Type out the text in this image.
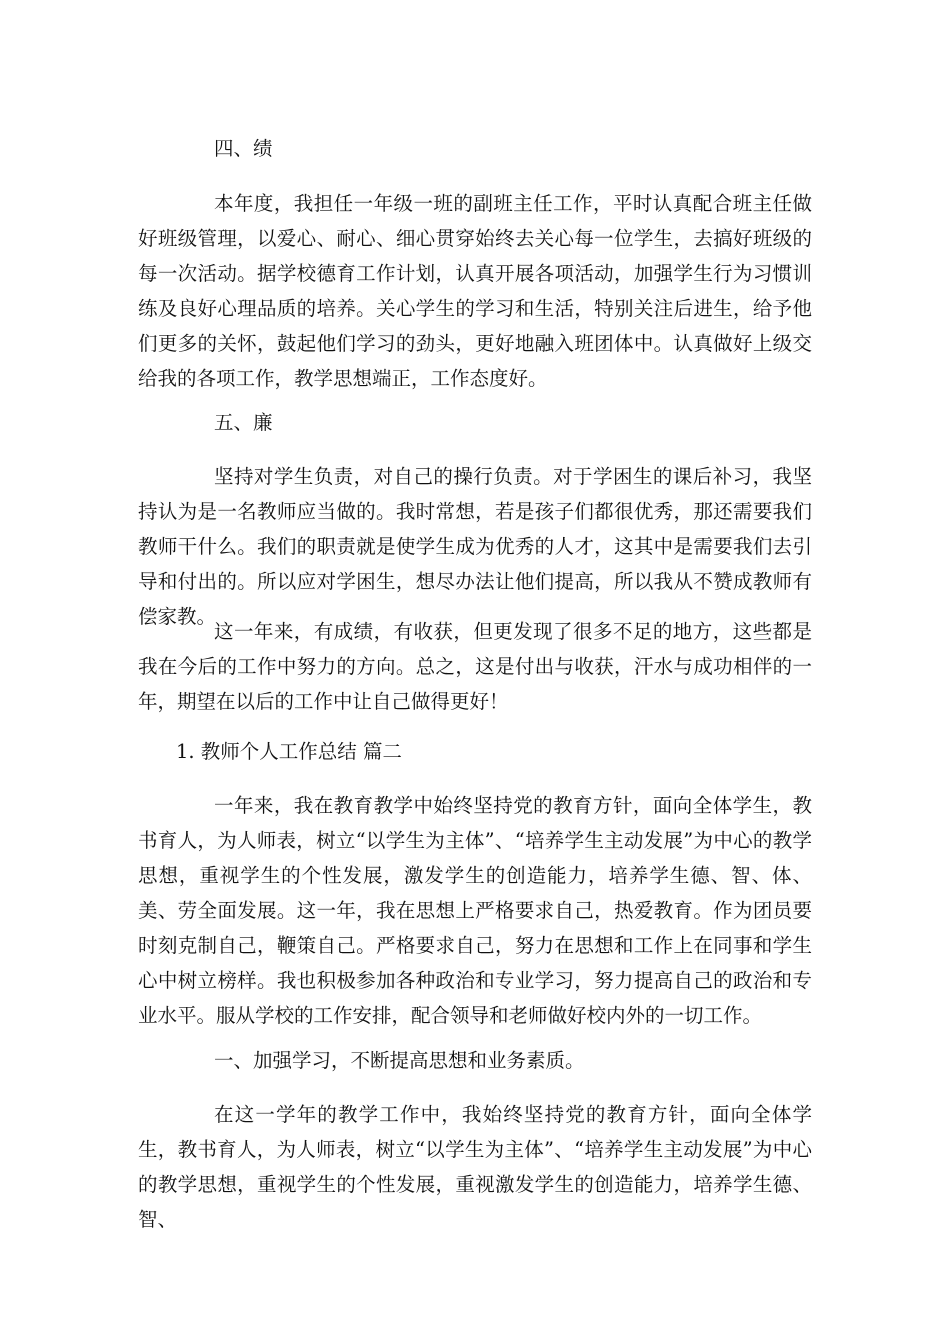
四、绩

本年度，我担任一年级一班的副班主任工作，平时认真配合班主任做好班级管理，以爱心、耐心、细心贯穿始终去关心每一位学生，去搞好班级的每一次活动。据学校德育工作计划，认真开展各项活动，加强学生行为习惯训练及良好心理品质的培养。关心学生的学习和生活，特别关注后进生，给予他们更多的关怀，鼓起他们学习的劲头，更好地融入班团体中。认真做好上级交给我的各项工作，教学思想端正，工作态度好。

五、廉

坚持对学生负责，对自己的操行负责。对于学困生的课后补习，我坚持认为是一名教师应当做的。我时常想，若是孩子们都很优秀，那还需要我们教师干什么。我们的职责就是使学生成为优秀的人才，这其中是需要我们去引导和付出的。所以应对学困生，想尽办法让他们提高，所以我从不赞成教师有偿家教。

这一年来，有成绩，有收获，但更发现了很多不足的地方，这些都是我在今后的工作中努力的方向。总之，这是付出与收获，汗水与成功相伴的一年，期望在以后的工作中让自己做得更好！

1. 教师个人工作总结 篇二

一年来，我在教育教学中始终坚持党的教育方针，面向全体学生，教书育人，为人师表，树立“以学生为主体”、“培养学生主动发展”为中心的教学思想，重视学生的个性发展，激发学生的创造能力，培养学生德、智、体、美、劳全面发展。这一年，我在思想上严格要求自己，热爱教育。作为团员要时刻克制自己，鞭策自己。严格要求自己，努力在思想和工作上在同事和学生心中树立榜样。我也积极参加各种政治和专业学习，努力提高自己的政治和专业水平。服从学校的工作安排，配合领导和老师做好校内外的一切工作。

一、加强学习，不断提高思想和业务素质。

在这一学年的教学工作中，我始终坚持党的教育方针，面向全体学生，教书育人，为人师表，树立“以学生为主体”、“培养学生主动发展”为中心的教学思想，重视学生的个性发展，重视激发学生的创造能力，培养学生德、智、
